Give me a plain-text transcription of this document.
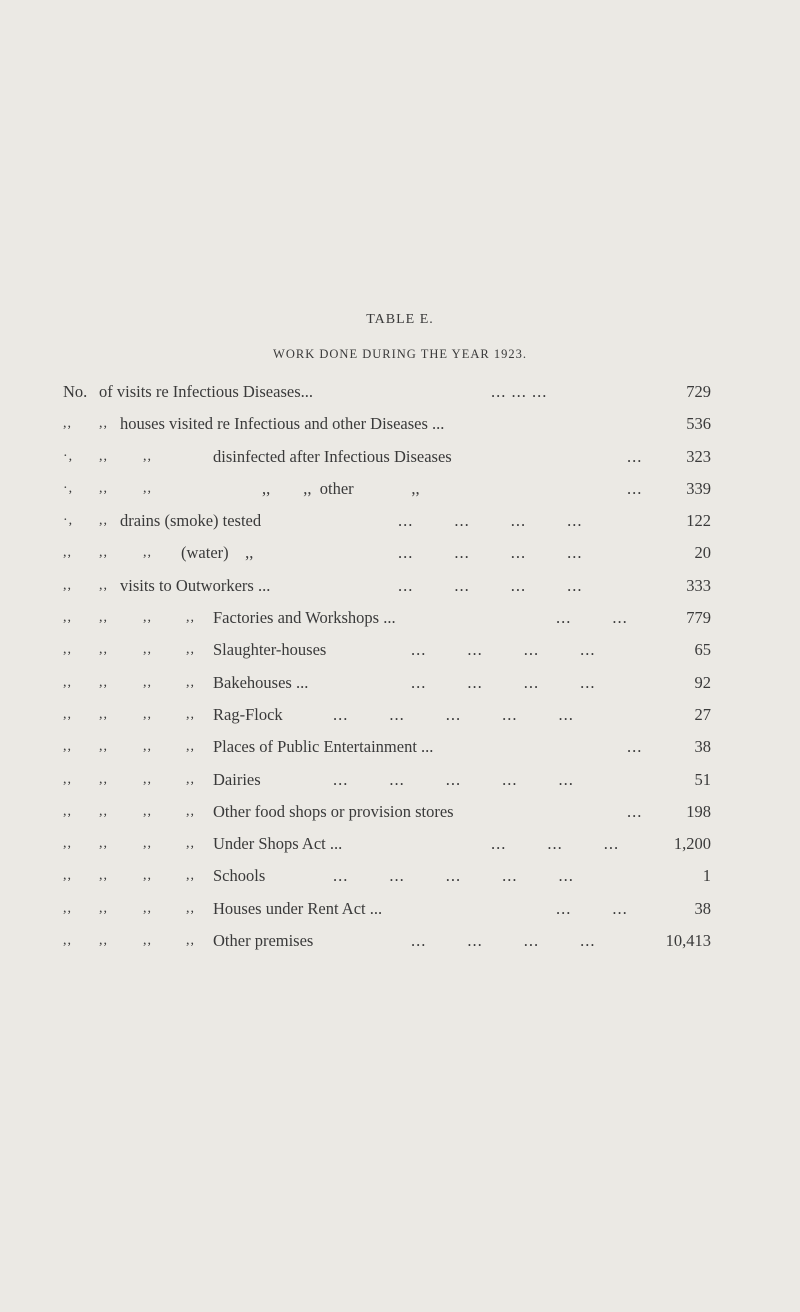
TABLE E.
WORK DONE DURING THE YEAR 1923.
No. of visits re Infectious Diseases...	... ... ...	729
,, ,, houses visited re Infectious and other Diseases ...	536
·, ,,	,,	disinfected after Infectious Diseases	...	323
·, ,,	,,	,,        ,,  other              ,,	...	339
·, ,, drains (smoke) tested	...        ...        ...        ...	122
,, ,,	,, (water)    ,,	...        ...        ...        ...	20
,, ,, visits to Outworkers ...	...        ...        ...        ...	333
,, ,,	,, ,, Factories and Workshops ...	...        ...	779
,, ,,	,, ,, Slaughter-houses	...        ...        ...        ...	65
,, ,,	,, ,, Bakehouses ...	...        ...        ...        ...	92
,, ,,	,, ,, Rag-Flock	...        ...        ...        ...        ...	27
,, ,,	,, ,, Places of Public Entertainment ...	...	38
,, ,,	,, ,, Dairies	...        ...        ...        ...        ...	51
,, ,,	,, ,, Other food shops or provision stores	...	198
,, ,,	,, ,, Under Shops Act ...	...        ...        ...	1,200
,, ,,	,, ,, Schools	...        ...        ...        ...        ...	1
,, ,,	,, ,, Houses under Rent Act ...	...        ...	38
,, ,,	,, ,, Other premises	...        ...        ...        ...	10,413
